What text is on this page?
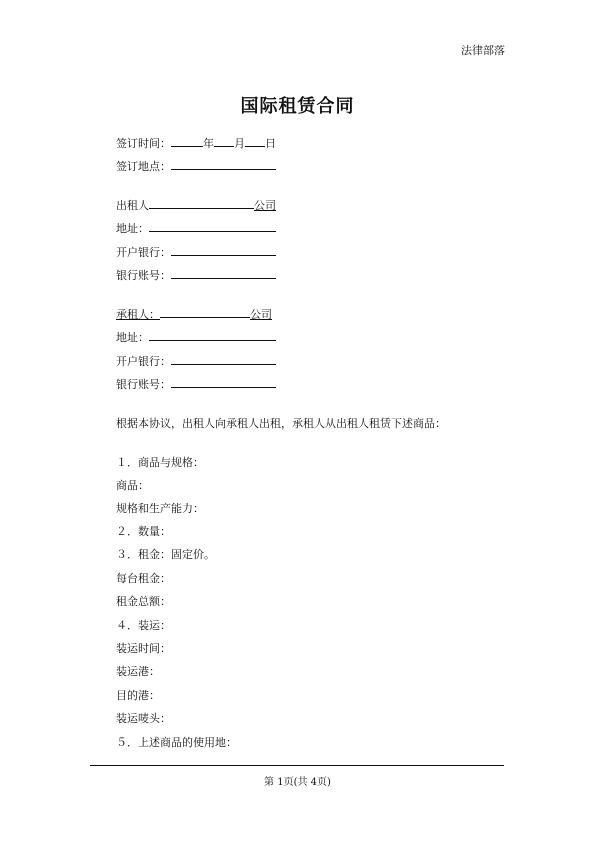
法律部落
国际租赁合同
签订时间：	年 月 日
签订地点：
出租人	公司
地址：
开户银行：
银行账号：
承租人：	公司
地址：
开户银行：
银行账号：
根据本协议，出租人向承租人出租，承租人从出租人租赁下述商品：
１．商品与规格：
商品：
规格和生产能力：
２．数量：
３．租金：固定价。
每台租金：
租金总额：
４．装运：
装运时间：
装运港：
目的港：
装运唛头：
５．上述商品的使用地：
第 1页(共 4页)
